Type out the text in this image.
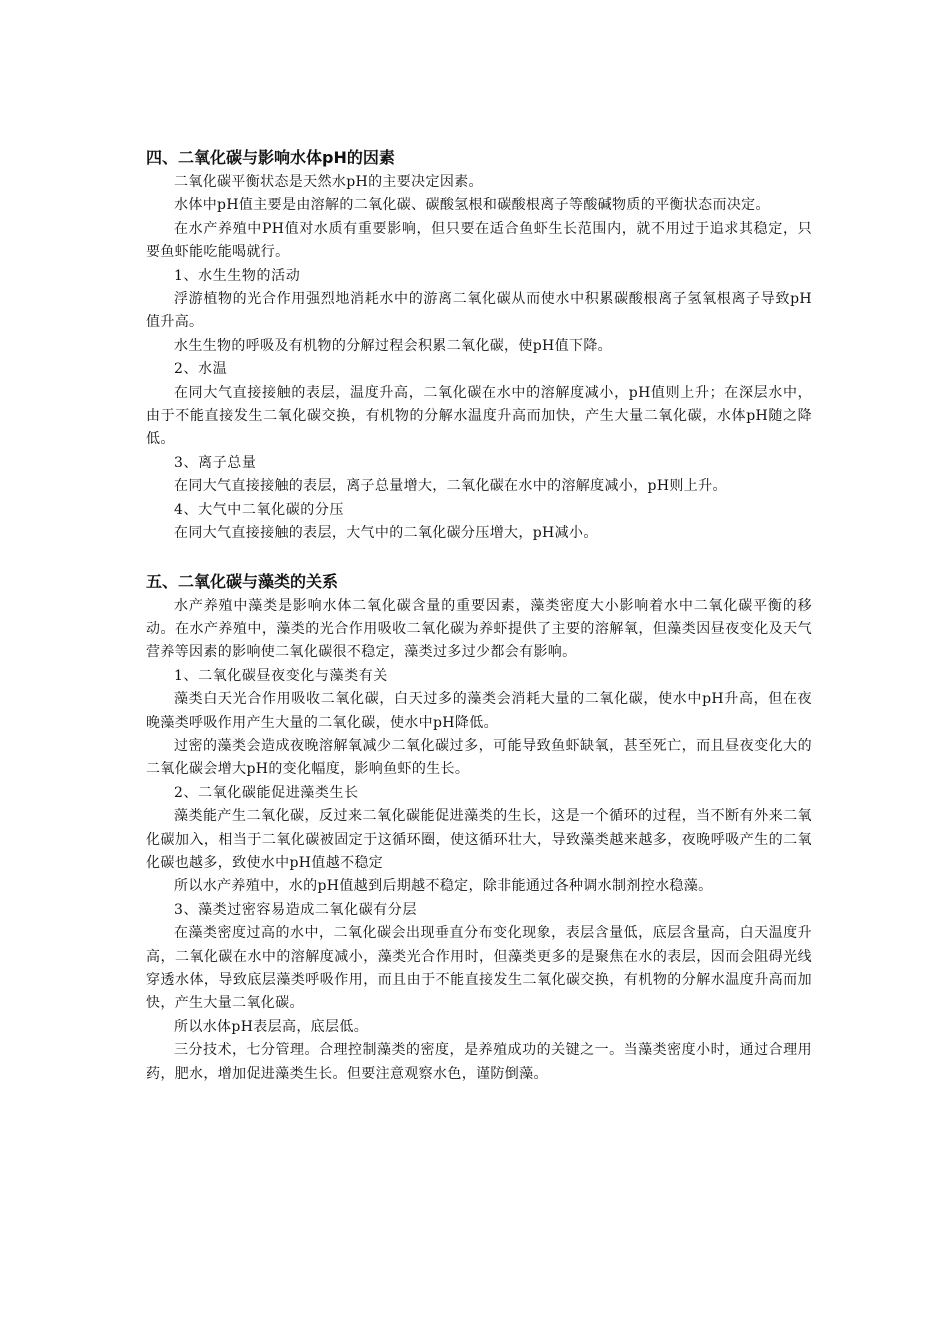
四、二氧化碳与影响水体pH的因素

二氧化碳平衡状态是天然水pH的主要决定因素。

水体中pH值主要是由溶解的二氧化碳、碳酸氢根和碳酸根离子等酸碱物质的平衡状态而决定。

在水产养殖中PH值对水质有重要影响，但只要在适合鱼虾生长范围内，就不用过于追求其稳定，只要鱼虾能吃能喝就行。

1、水生生物的活动

浮游植物的光合作用强烈地消耗水中的游离二氧化碳从而使水中积累碳酸根离子氢氧根离子导致pH值升高。

水生生物的呼吸及有机物的分解过程会积累二氧化碳，使pH值下降。

2、水温

在同大气直接接触的表层，温度升高，二氧化碳在水中的溶解度减小，pH值则上升；在深层水中，由于不能直接发生二氧化碳交换，有机物的分解水温度升高而加快，产生大量二氧化碳，水体pH随之降低。

3、离子总量

在同大气直接接触的表层，离子总量增大，二氧化碳在水中的溶解度减小，pH则上升。

4、大气中二氧化碳的分压

在同大气直接接触的表层，大气中的二氧化碳分压增大，pH减小。

五、二氧化碳与藻类的关系

水产养殖中藻类是影响水体二氧化碳含量的重要因素，藻类密度大小影响着水中二氧化碳平衡的移动。在水产养殖中，藻类的光合作用吸收二氧化碳为养虾提供了主要的溶解氧，但藻类因昼夜变化及天气营养等因素的影响使二氧化碳很不稳定，藻类过多过少都会有影响。

1、二氧化碳昼夜变化与藻类有关

藻类白天光合作用吸收二氧化碳，白天过多的藻类会消耗大量的二氧化碳，使水中pH升高，但在夜晚藻类呼吸作用产生大量的二氧化碳，使水中pH降低。

过密的藻类会造成夜晚溶解氧减少二氧化碳过多，可能导致鱼虾缺氧，甚至死亡，而且昼夜变化大的二氧化碳会增大pH的变化幅度，影响鱼虾的生长。

2、二氧化碳能促进藻类生长

藻类能产生二氧化碳，反过来二氧化碳能促进藻类的生长，这是一个循环的过程，当不断有外来二氧化碳加入，相当于二氧化碳被固定于这循环圈，使这循环壮大，导致藻类越来越多，夜晚呼吸产生的二氧化碳也越多，致使水中pH值越不稳定

所以水产养殖中，水的pH值越到后期越不稳定，除非能通过各种调水制剂控水稳藻。

3、藻类过密容易造成二氧化碳有分层

在藻类密度过高的水中，二氧化碳会出现垂直分布变化现象，表层含量低，底层含量高，白天温度升高，二氧化碳在水中的溶解度减小，藻类光合作用时，但藻类更多的是聚焦在水的表层，因而会阻碍光线穿透水体，导致底层藻类呼吸作用，而且由于不能直接发生二氧化碳交换，有机物的分解水温度升高而加快，产生大量二氧化碳。

所以水体pH表层高，底层低。

三分技术，七分管理。合理控制藻类的密度，是养殖成功的关键之一。当藻类密度小时，通过合理用药，肥水，增加促进藻类生长。但要注意观察水色，谨防倒藻。
